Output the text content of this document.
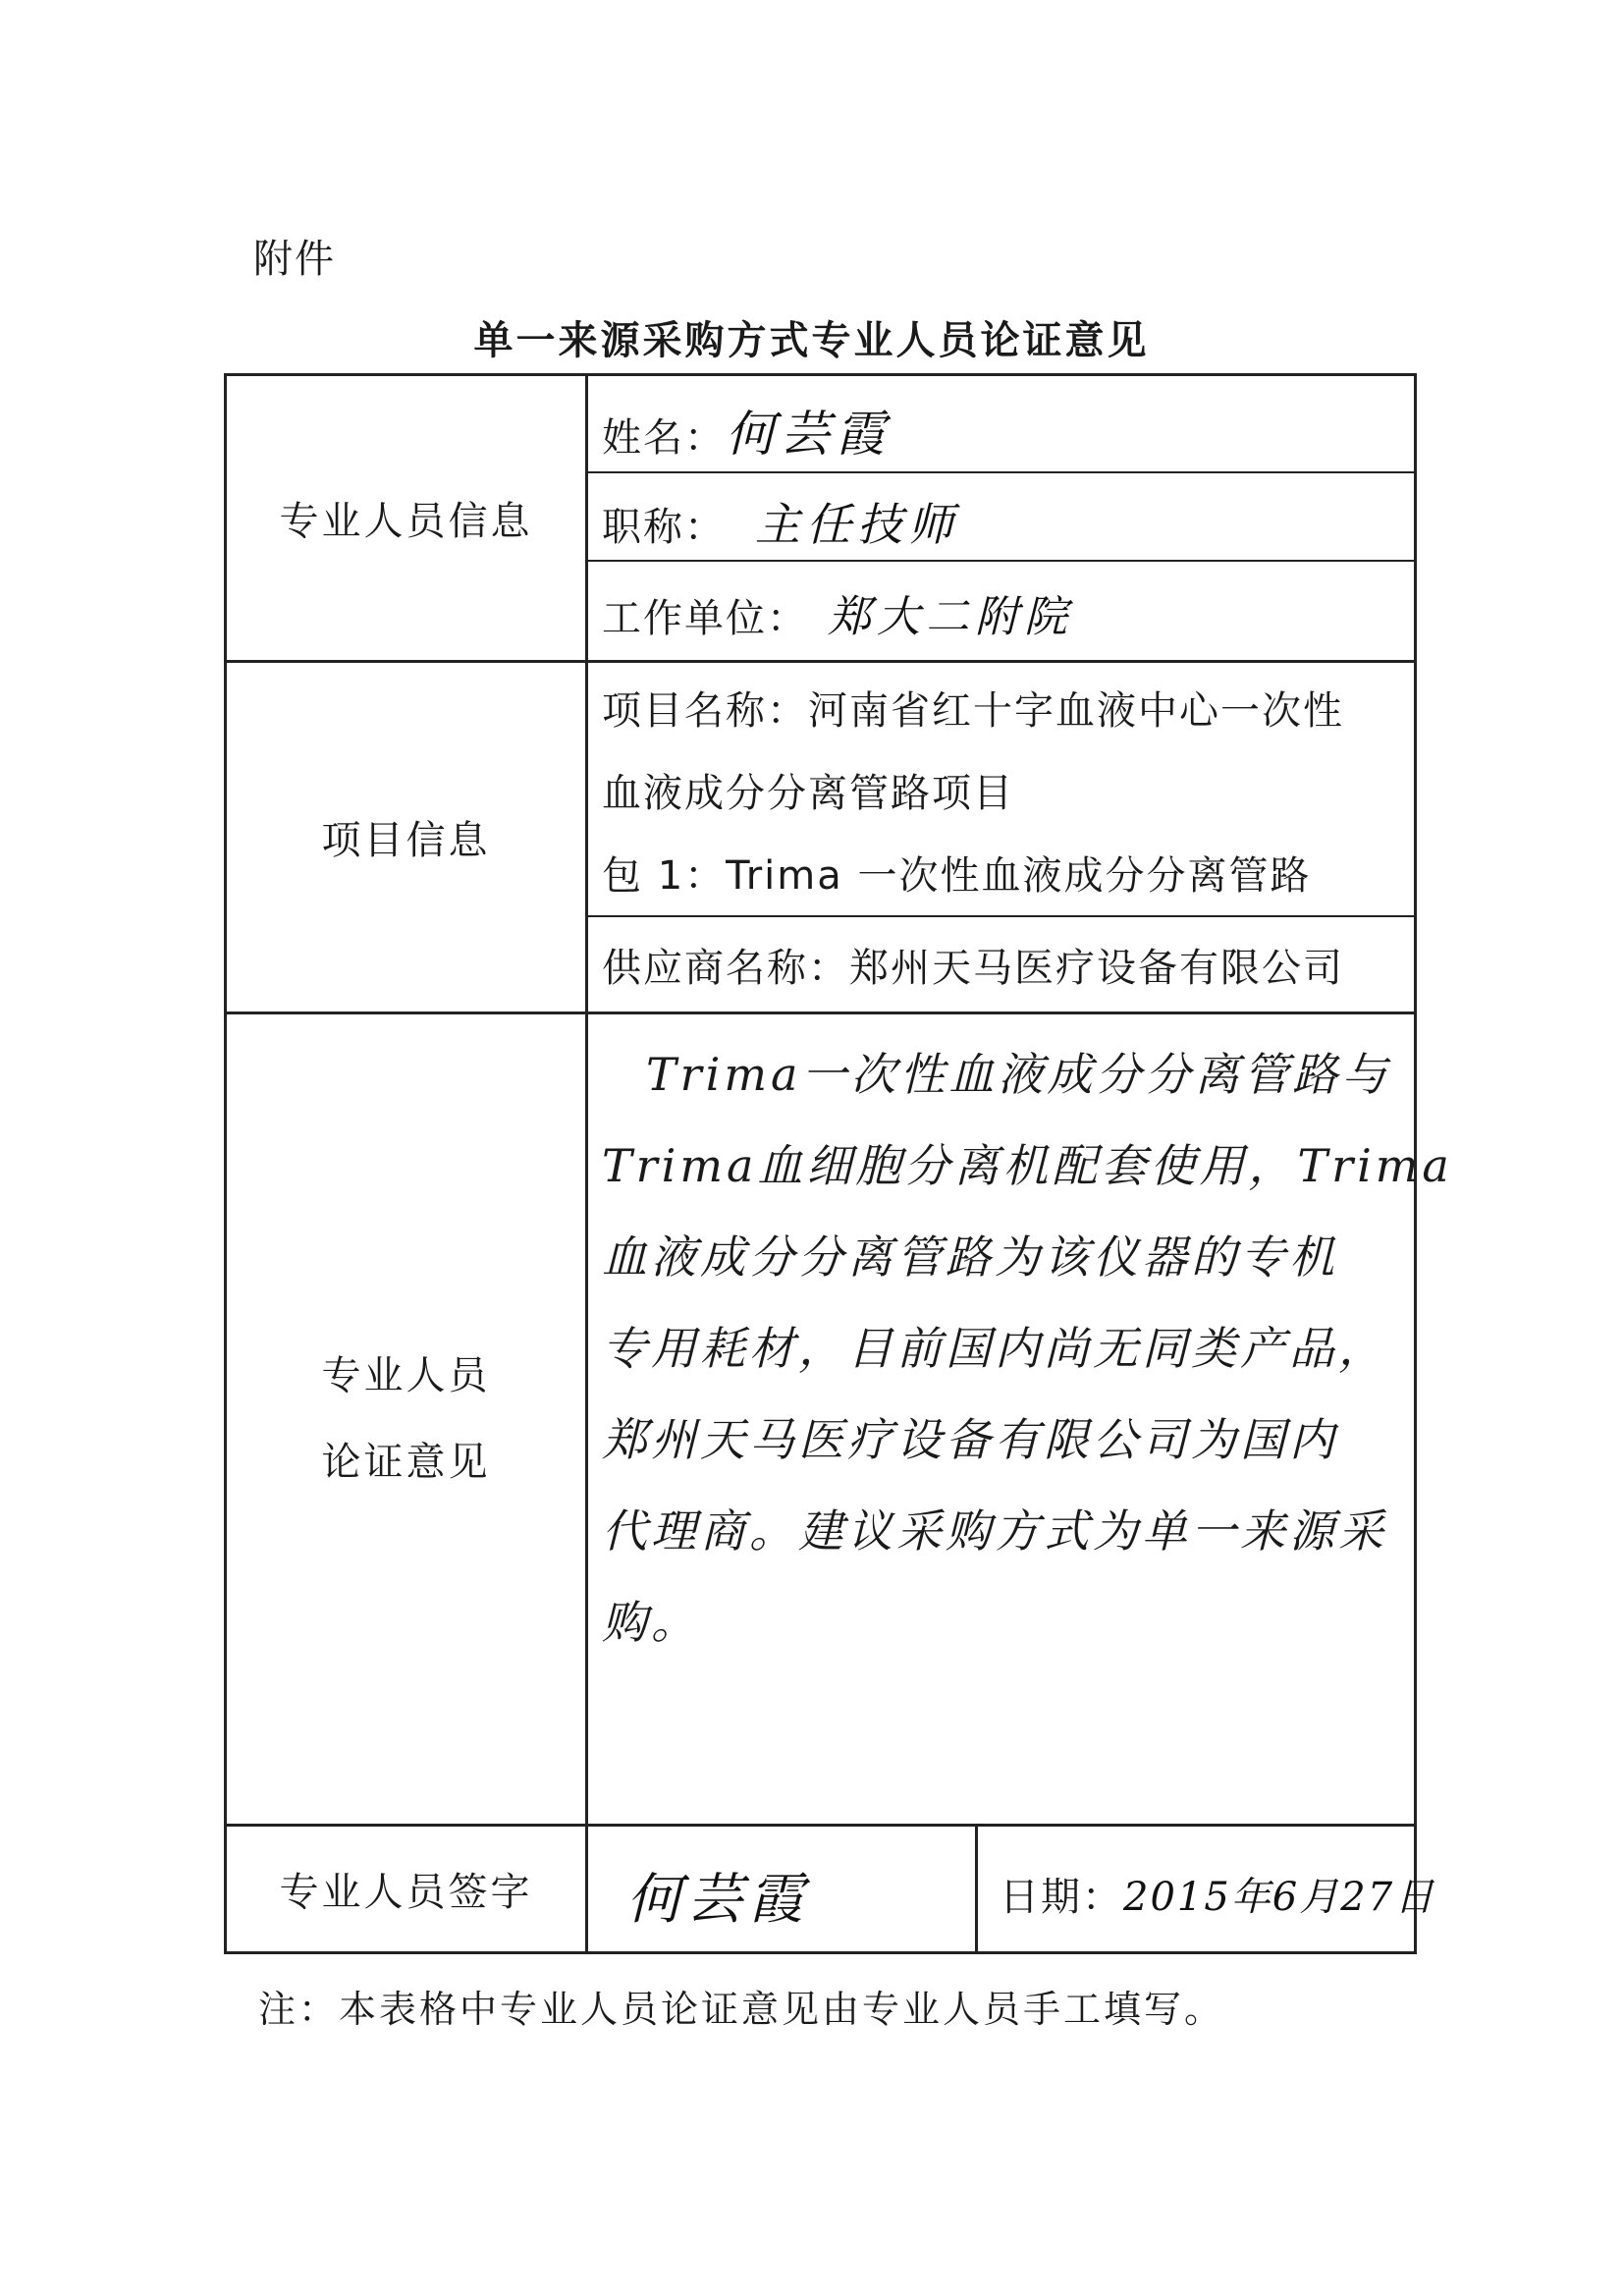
附件
单一来源采购方式专业人员论证意见
专业人员信息
项目信息
专业人员
论证意见
专业人员签字
姓名：何芸霞
职称： 主任技师
工作单位： 郑大二附院
项目名称：河南省红十字血液中心一次性
血液成分分离管路项目
包 1：Trima 一次性血液成分分离管路
供应商名称：郑州天马医疗设备有限公司
Trima一次性血液成分分离管路与
Trima血细胞分离机配套使用，Trima
血液成分分离管路为该仪器的专机
专用耗材，目前国内尚无同类产品，
郑州天马医疗设备有限公司为国内
代理商。建议采购方式为单一来源采
购。
何芸霞	日期：2015年6月27日
注：本表格中专业人员论证意见由专业人员手工填写。
